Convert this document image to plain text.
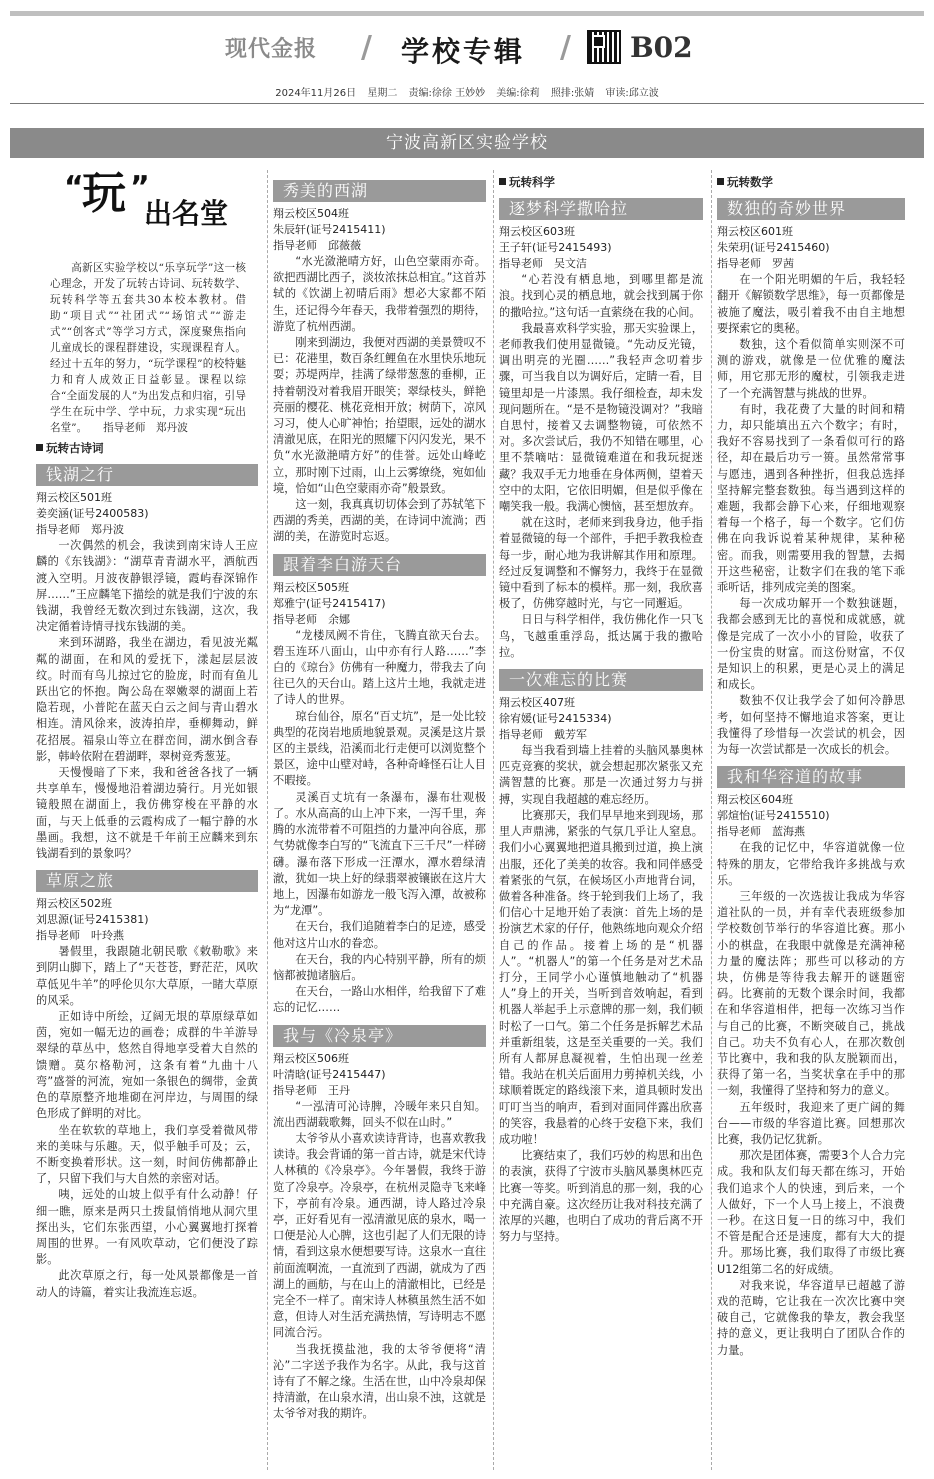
现代金报 / 学校专辑 / B02
2024年11月26日 星期二 责编:徐徐 王妙妙 美编:徐莉 照排:张婧 审读:邱立波
宁波高新区实验学校
“
玩 ”
出名堂

高新区实验学校以“乐享玩学”这一核心理念，开发了玩转古诗词、玩转数学、玩转科学等五套共30本校本教材。借助“项目式”“社团式”“场馆式”“游走式”“创客式”等学习方式，深度聚焦指向儿童成长的课程群建设，实现课程育人。经过十五年的努力，“玩学课程”的校特魅力和育人成效正日益彰显。课程以综合“全面发展的人”为出发点和归宿，引导学生在玩中学、学中玩，力求实现“玩出名堂”。　　指导老师　郑丹波

玩转古诗词
钱湖之行
翔云校区501班
姜奕涵(证号2400583)
指导老师　郑丹波

一次偶然的机会，我读到南宋诗人王应麟的《东钱湖》：“湖草青青湖水平，酒航西渡入空明。月波夜静银浮镜，霞屿春深锦作屏……”王应麟笔下描绘的就是我们宁波的东钱湖，我曾经无数次到过东钱湖，这次，我决定循着诗情寻找东钱湖的美。

来到环湖路，我坐在湖边，看见波光粼粼的湖面，在和风的爱抚下，漾起层层波纹。时而有鸟儿掠过它的脸庞，时而有鱼儿跃出它的怀抱。陶公岛在翠嫩翠的湖面上若隐若现，小普陀在蓝天白云之间与青山碧水相连。清风徐来，波涛拍岸，垂柳舞动，鲜花招展。福泉山等立在群峦间，湖水倒含春影，韩岭依附在碧湖畔，翠树竞秀葱茏。

天慢慢暗了下来，我和爸爸各找了一辆共享单车，慢慢地沿着湖边骑行。月光如银镜般照在湖面上，我仿佛穿梭在平静的水面，与天上低垂的云霞构成了一幅宁静的水墨画。我想，这不就是千年前王应麟来到东钱湖看到的景象吗？

草原之旅
翔云校区502班
刘思源(证号2415381)
指导老师　叶玲燕

暑假里，我跟随北朝民歌《敕勒歌》来到阴山脚下，踏上了“天苍苍，野茫茫，风吹草低见牛羊”的呼伦贝尔大草原，一睹大草原的风采。

正如诗中所绘，辽阔无垠的草原绿草如茵，宛如一幅无边的画卷；成群的牛羊游导翠绿的草丛中，悠然自得地享受着大自然的馈赠。莫尔格勒河，这条有着“九曲十八弯”盛誉的河流，宛如一条银色的绸带，金黄色的草原整齐地堆砌在河岸边，与周围的绿色形成了鲜明的对比。

坐在软软的草地上，我们享受着微风带来的美味与乐趣。天，似乎触手可及；云，不断变换着形状。这一刻，时间仿佛都静止了，只留下我们与大自然的亲密对话。

咦，远处的山坡上似乎有什么动静！仔细一瞧，原来是两只土拨鼠悄悄地从洞穴里探出头，它们东张西望，小心翼翼地打探着周围的世界。一有风吹草动，它们便没了踪影。

此次草原之行，每一处风景都像是一首动人的诗篇，着实让我流连忘返。

秀美的西湖
翔云校区504班
朱辰轩(证号2415411)
指导老师　邱薇薇

“水光潋滟晴方好，山色空蒙雨亦奇。欲把西湖比西子，淡妆浓抹总相宜。”这首苏轼的《饮湖上初晴后雨》想必大家都不陌生，还记得今年春天，我带着强烈的期待，游览了杭州西湖。

刚来到湖边，我便对西湖的美景赞叹不已：花港里，数百条红鲤鱼在水里快乐地玩耍；苏堤两岸，挂满了绿带葱葱的垂柳，正持着朝没对着我眉开眼笑；翠绿枝头，鲜艳亮丽的樱花、桃花竞相开放；树荫下，凉风习习，使人心旷神怡；抬望眼，远处的湖水清澈见底，在阳光的照耀下闪闪发光，果不负“水光潋滟晴方好”的佳誉。远处山峰屹立，那时刚下过雨，山上云雾缭绕，宛如仙境，恰如“山色空蒙雨亦奇”般景致。

这一刻，我真真切切体会到了苏轼笔下西湖的秀美，西湖的美，在诗词中流淌；西湖的美，在游览时忘返。

跟着李白游天台
翔云校区505班
郑雅宁(证号2415417)
指导老师　余娜

“龙楼凤阙不肯住，飞腾直欲天台去。碧玉连环八面山，山中亦有行人路……”李白的《琼台》仿佛有一种魔力，带我去了向往已久的天台山。踏上这片土地，我就走进了诗人的世界。

琼台仙谷，原名“百丈坑”，是一处比较典型的花岗岩地质地貌景观。灵溪是这片景区的主景线，沿溪而北行走便可以浏览整个景区，途中山壁对峙，各种奇峰怪石让人目不暇接。

灵溪百丈坑有一条瀑布，瀑布壮观极了。水从高高的山上冲下来，一泻千里，奔腾的水流带着不可阻挡的力量冲向谷底，那气势就像李白写的“飞流直下三千尺”一样磅礴。瀑布落下形成一汪潭水，潭水碧绿清澈，犹如一块上好的绿翡翠被镶嵌在这片大地上，因瀑布如游龙一般飞泻入潭，故被称为“龙潭”。

在天台，我们追随着李白的足迹，感受他对这片山水的眷恋。

在天台，我的内心特别平静，所有的烦恼都被抛诸脑后。

在天台，一路山水相伴，给我留下了难忘的记忆……

我与《冷泉亭》
翔云校区506班
叶清晗(证号2415447)
指导老师　王丹

“一泓清可沁诗脾，冷暖年来只自知。流出西湖载歌舞，回头不似在山时。”

太爷爷从小喜欢读诗背诗，也喜欢教我读诗。我会背诵的第一首古诗，就是宋代诗人林稹的《冷泉亭》。今年暑假，我终于游览了冷泉亭。冷泉亭，在杭州灵隐寺飞来峰下，亭前有冷泉。通西湖，诗人路过冷泉亭，正好看见有一泓清澈见底的泉水，喝一口便是沁人心脾，这也引起了人们无限的诗情，看到这泉水便想要写诗。这泉水一直往前面流啊流，一直流到了西湖，就成为了西湖上的画舫，与在山上的清澈相比，已经是完全不一样了。南宋诗人林稹虽然生活不如意，但诗人对生活充满热情，写诗明志不愿同流合污。

当我抚摸盐池，我的太爷爷便将“清沁”二字送予我作为名字。从此，我与这首诗有了不解之缘。生活在世，山中冷泉却保持清澈，在山泉水清，出山泉不浊，这就是太爷爷对我的期许。

玩转科学
逐梦科学撒哈拉
翔云校区603班
王子轩(证号2415493)
指导老师　吴文洁

“心若没有栖息地，到哪里都是流浪。找到心灵的栖息地，就会找到属于你的撒哈拉。”这句话一直萦绕在我的心间。

我最喜欢科学实验，那天实验课上，老师教我们使用显微镜。“先动反光镜，调出明亮的光圈……”我轻声念叨着步骤，可当我自以为调好后，定睛一看，目镜里却是一片漆黑。我仔细检查，却未发现问题所在。“是不是物镜没调对？”我暗自思忖，接着又去调整物镜，可依然不对。多次尝试后，我仍不知错在哪里，心里不禁嘀咕：显微镜难道在和我玩捉迷藏？我双手无力地垂在身体两侧，望着天空中的太阳，它依旧明媚，但是似乎像在嘲笑我一般。我满心懊恼，甚至想放弃。

就在这时，老师来到我身边，他手指着显微镜的每一个部件，手把手教我检查每一步，耐心地为我讲解其作用和原理。经过反复调整和不懈努力，我终于在显微镜中看到了标本的模样。那一刻，我欣喜极了，仿佛穿越时光，与它一同邂逅。

日日与科学相伴，我仿佛化作一只飞鸟，飞越重重浮岛，抵达属于我的撒哈拉。

一次难忘的比赛
翔云校区407班
徐宥媛(证号2415334)
指导老师　戴芳军

每当我看到墙上挂着的头脑风暴奥林匹克竞赛的奖状，就会想起那次紧张又充满智慧的比赛。那是一次通过努力与拼搏，实现自我超越的难忘经历。

比赛那天，我们早早地来到现场，那里人声鼎沸，紧张的气氛几乎让人窒息。我们小心翼翼地把道具搬到过道，换上演出服，还化了美美的妆容。我和同伴感受着紧张的气氛，在候场区小声地背台词，做着各种准备。终于轮到我们上场了，我们信心十足地开始了表演：首先上场的是扮演艺术家的仔仔，他熟练地向观众介绍自己的作品。接着上场的是“机器人”。“机器人”的第一个任务是对艺术品打分，王同学小心谨慎地触动了“机器人”身上的开关，当听到音效响起，看到机器人举起手上示意牌的那一刻，我们顿时松了一口气。第二个任务是拆解艺术品并重新组装，这是至关重要的一关。我们所有人都屏息凝视着，生怕出现一丝差错。我站在机关后面用力剪掉机关线，小球顺着既定的路线滚下来，道具顿时发出叮叮当当的响声，看到对面同伴露出欣喜的笑容，我悬着的心终于安稳下来，我们成功啦！

比赛结束了，我们巧妙的构思和出色的表演，获得了宁波市头脑风暴奥林匹克比赛一等奖。听到消息的那一刻，我的心中充满自豪。这次经历让我对科技充满了浓厚的兴趣，也明白了成功的背后离不开努力与坚持。

玩转数学
数独的奇妙世界
翔云校区601班
朱荣玥(证号2415460)
指导老师　罗茜

在一个阳光明媚的午后，我轻轻翻开《解锁数学思维》，每一页都像是被施了魔法，吸引着我不由自主地想要探索它的奥秘。

数独，这个看似简单实则深不可测的游戏，就像是一位优雅的魔法师，用它那无形的魔杖，引领我走进了一个充满智慧与挑战的世界。

有时，我花费了大量的时间和精力，却只能填出五六个数字；有时，我好不容易找到了一条看似可行的路径，却在最后功亏一篑。虽然常常事与愿违，遇到各种挫折，但我总选择坚持解完整套数独。每当遇到这样的难题，我都会静下心来，仔细地观察着每一个格子，每一个数字。它们仿佛在向我诉说着某种规律，某种秘密。而我，则需要用我的智慧，去揭开这些秘密，让数字们在我的笔下乖乖听话，排列成完美的图案。

每一次成功解开一个数独谜题，我都会感到无比的喜悦和成就感，就像是完成了一次小小的冒险，收获了一份宝贵的财富。而这份财富，不仅是知识上的积累，更是心灵上的满足和成长。

数独不仅让我学会了如何冷静思考，如何坚持不懈地追求答案，更让我懂得了珍惜每一次尝试的机会，因为每一次尝试都是一次成长的机会。

我和华容道的故事
翔云校区604班
郭煊怡(证号2415510)
指导老师　蓝海燕

在我的记忆中，华容道就像一位特殊的朋友，它带给我许多挑战与欢乐。

三年级的一次选拔让我成为华容道社队的一员，并有幸代表班级参加学校数创节举行的华容道比赛。那小小的棋盘，在我眼中就像是充满神秘力量的魔法阵；那些可以移动的方块，仿佛是等待我去解开的谜题密码。比赛前的无数个课余时间，我都在和华容道相伴，把每一次练习当作与自己的比赛，不断突破自己，挑战自己。功夫不负有心人，在那次数创节比赛中，我和我的队友脱颖而出，获得了第一名，当奖状拿在手中的那一刻，我懂得了坚持和努力的意义。

五年级时，我迎来了更广阔的舞台——市级的华容道比赛。回想那次比赛，我仍记忆犹新。

那次是团体赛，需要3个人合力完成。我和队友们每天都在练习，开始我们追求个人的快速，到后来，一个人做好，下一个人马上接上，不浪费一秒。在这日复一日的练习中，我们不管是配合还是速度，都有大大的提升。那场比赛，我们取得了市级比赛U12组第二名的好成绩。

对我来说，华容道早已超越了游戏的范畴，它让我在一次次比赛中突破自己，它就像我的挚友，教会我坚持的意义，更让我明白了团队合作的力量。
